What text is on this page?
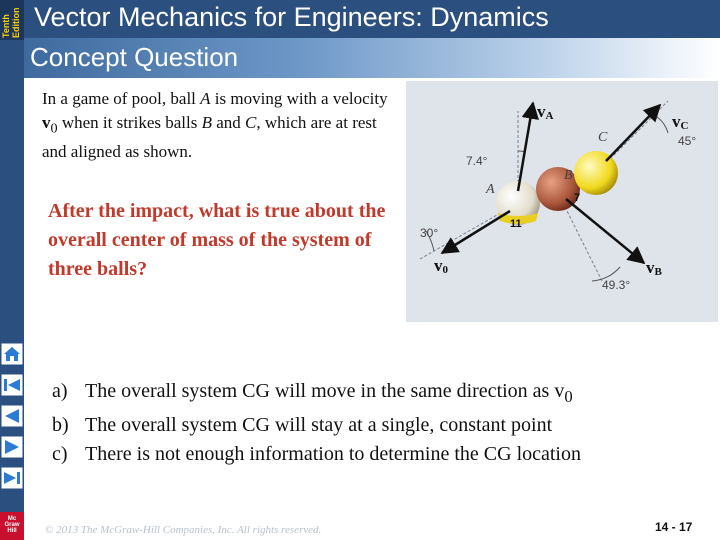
Tenth Edition Vector Mechanics for Engineers: Dynamics
Concept Question
In a game of pool, ball A is moving with a velocity $v_0$ when it strikes balls B and C, which are at rest and aligned as shown.
After the impact, what is true about the overall center of mass of the system of three balls?
11
7
vA	vC
v0	vB
7.4°
45°
30°
49.3°
A
B
C
a) The overall system CG will move in the same direction as $v_0$
b) The overall system CG will stay at a single, constant point
c) There is not enough information to determine the CG location
© 2013 The McGraw-Hill Companies, Inc. All rights reserved.	14 - 17
Mc
Graw
Hill
